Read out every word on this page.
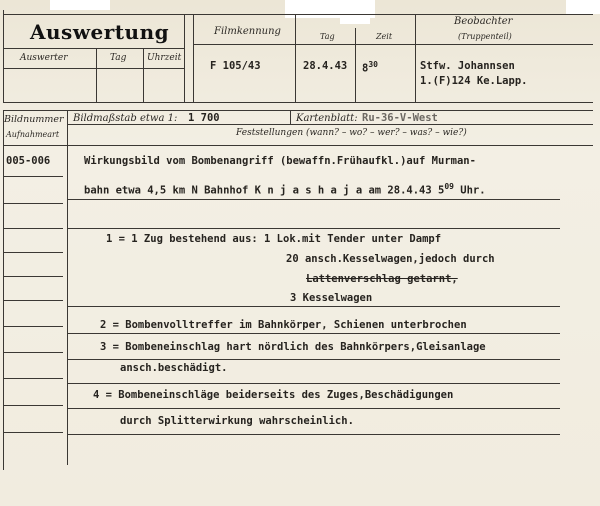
Auswertung
Auswerter	Tag Uhrzeit
Filmkennung	Tag	Zeit
Beobachter
(Truppenteil)
F 105/43	28.4.43 $8^{30}$	Stfw. Johannsen
1.(F)124 Ke.Lapp.
Bildnummer
Aufnahmeart
Bildmaßstab etwa 1: 1 700	Kartenblatt: Ru-36-V-West
Feststellungen (wann? – wo? – wer? – was? – wie?)
005-006	Wirkungsbild vom Bombenangriff (bewaffn.Frühaufkl.)auf Murman-
bahn etwa 4,5 km N Bahnhof K n j a s h a j a am 28.4.43 $5^{09}$ Uhr.
1 = 1 Zug bestehend aus: 1 Lok.mit Tender unter Dampf
20 ansch.Kesselwagen,jedoch durch
Lattenverschlag getarnt,
3 Kesselwagen
2 = Bombenvolltreffer im Bahnkörper, Schienen unterbrochen
3 = Bombeneinschlag hart nördlich des Bahnkörpers,Gleisanlage
ansch.beschädigt.
4 = Bombeneinschläge beiderseits des Zuges,Beschädigungen
durch Splitterwirkung wahrscheinlich.
